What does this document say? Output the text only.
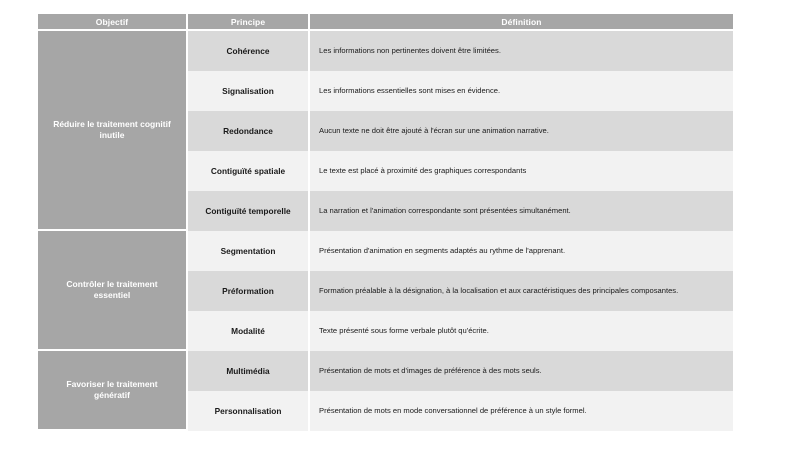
Objectif	Principe	Définition
Réduire le traitement cognitif inutile	Cohérence	Les informations non pertinentes doivent être limitées.
	Signalisation	Les informations essentielles sont mises en évidence.
	Redondance	Aucun texte ne doit être ajouté à l'écran sur une animation narrative.
	Contiguïté spatiale	Le texte est placé à proximité des graphiques correspondants
	Contiguïté temporelle	La narration et l'animation correspondante sont présentées simultanément.
Contrôler le traitement essentiel	Segmentation	Présentation d'animation en segments adaptés au rythme de l'apprenant.
	Préformation	Formation préalable à la désignation, à la localisation et aux caractéristiques des principales composantes.
	Modalité	Texte présenté sous forme verbale plutôt qu'écrite.
Favoriser le traitement génératif	Multimédia	Présentation de mots et d'images de préférence à des mots seuls.
	Personnalisation	Présentation de mots en mode conversationnel de préférence à un style formel.
